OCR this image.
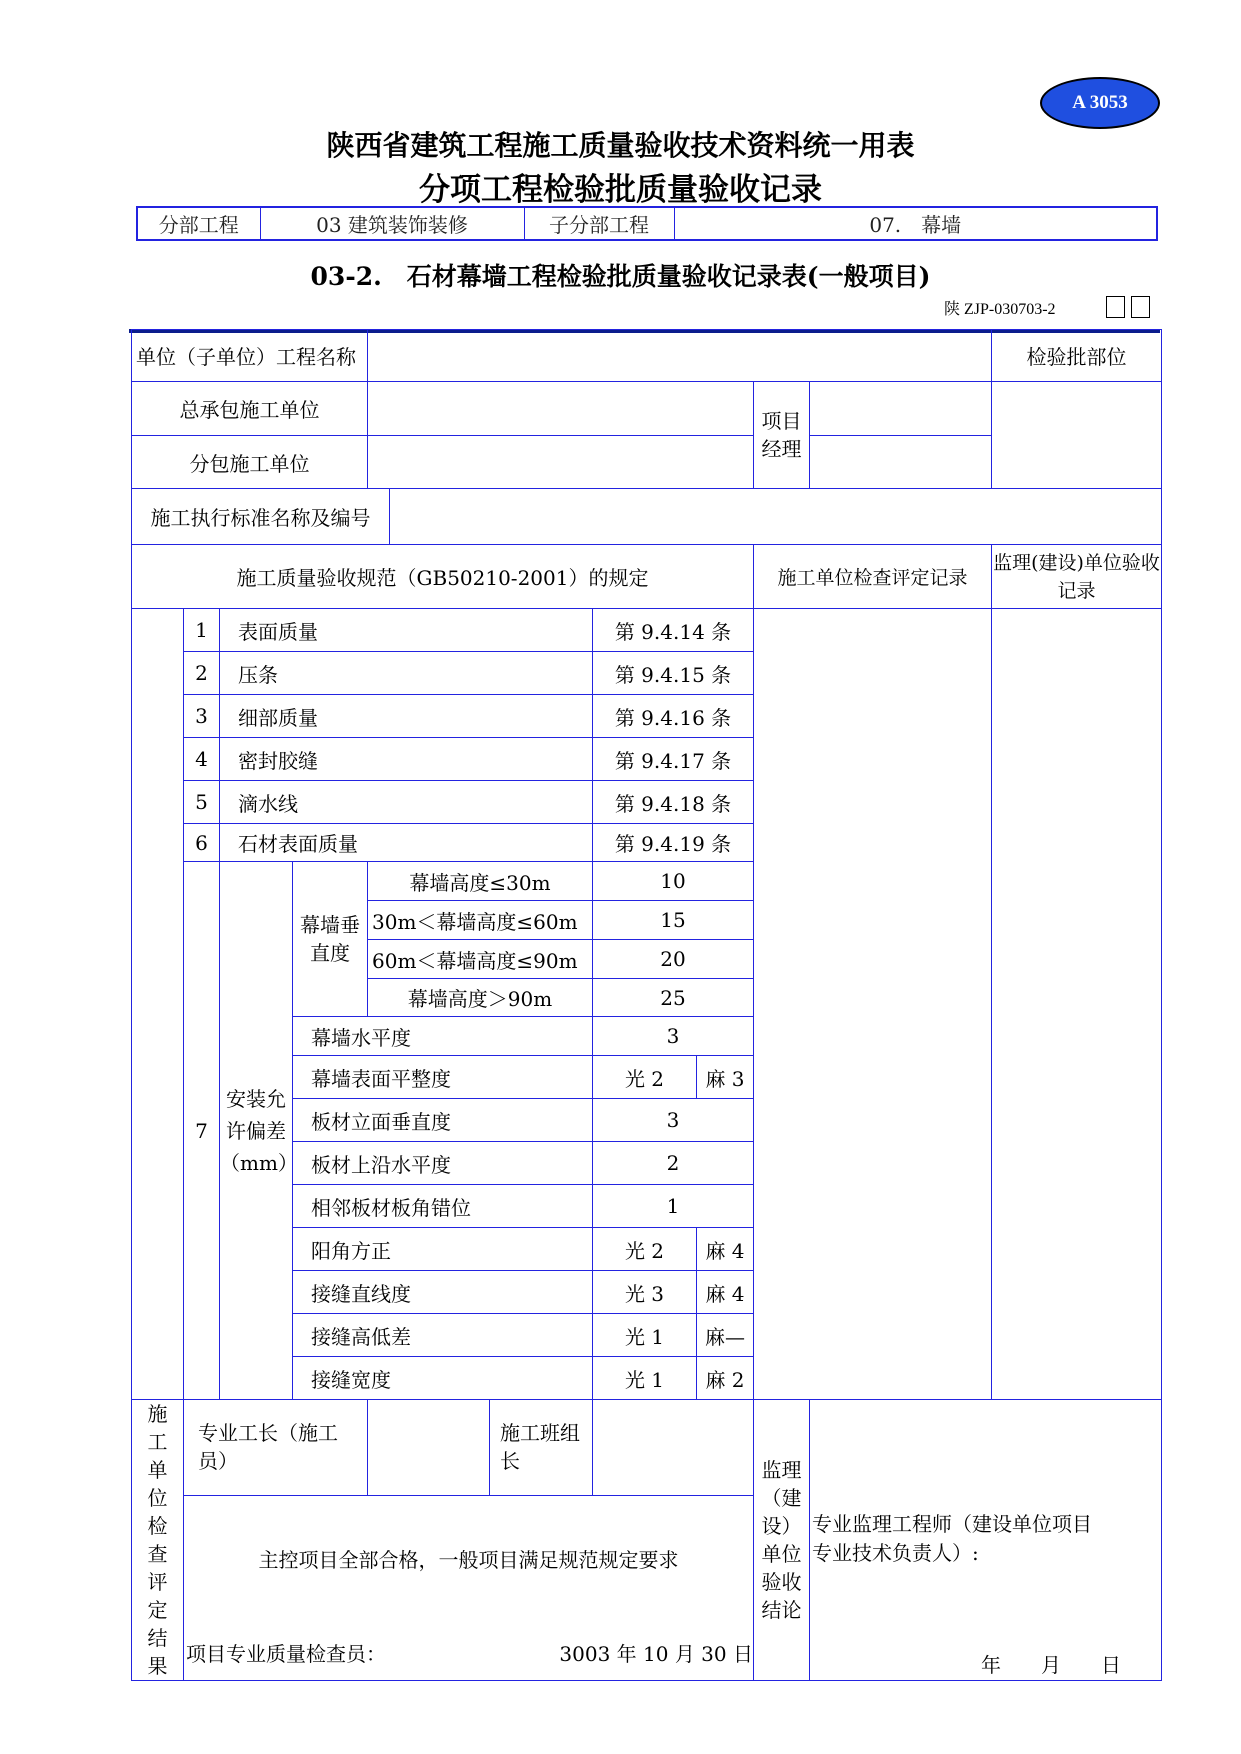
A 3053
陕西省建筑工程施工质量验收技术资料统一用表
分项工程检验批质量验收记录
分部工程	03 建筑装饰装修	子分部工程	07.　幕墙
03-2.　石材幕墙工程检验批质量验收记录表(一般项目)
陕 ZJP-030703-2
单位（子单位）工程名称											检验批部位
总承包施工单位									项目经理		
分包施工单位											
施工执行标准名称及编号											
施工质量验收规范（GB50210-2001）的规定									施工单位检查评定记录		监理(建设)单位验收记录
	1	表面质量					第 9.4.14 条				
	2	压条					第 9.4.15 条				
	3	细部质量					第 9.4.16 条				
	4	密封胶缝					第 9.4.17 条				
	5	滴水线					第 9.4.18 条				
	6	石材表面质量					第 9.4.19 条				
	7	安装允许偏差（mm）	幕墙垂直度	幕墙高度≤30m			10				
				30m＜幕墙高度≤60m			15				
				60m＜幕墙高度≤90m			20				
				幕墙高度＞90m			25				
			幕墙水平度				3				
			幕墙表面平整度				光 2	麻 3			
			板材立面垂直度				3				
			板材上沿水平度				2				
			相邻板材板角错位				1				
			阳角方正				光 2	麻 4			
			接缝直线度				光 3	麻 4			
			接缝高低差				光 1	麻—			
			接缝宽度				光 1	麻 2			
施工单位检查评定结果	专业工长（施工员）					施工班组　长			监理（建设）单位验收结论	专业监理工程师（建设单位项目专业技术负责人）:
年　　月　　日	

	主控项目全部合格，一般项目满足规范规定要求										
	项目专业质量检查员：					3003 年 10 月 30 日					
